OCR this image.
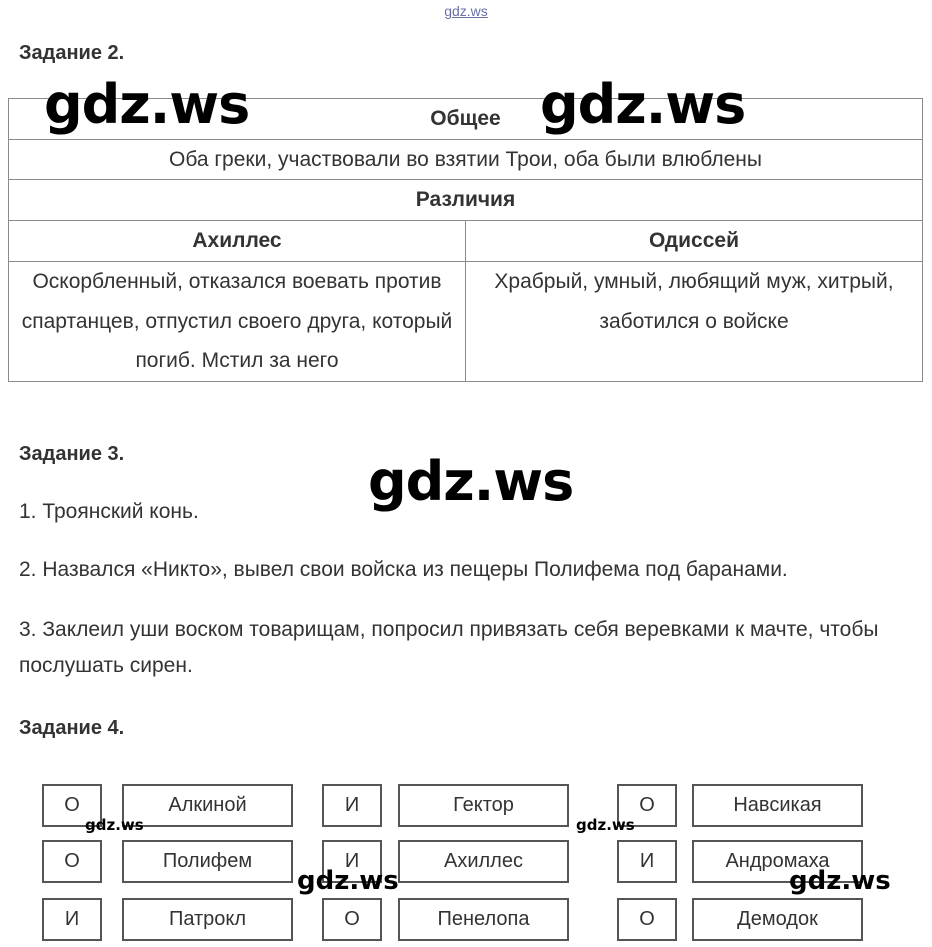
gdz.ws
Задание 2.
Общее	
Оба греки, участвовали во взятии Трои, оба были влюблены	
Различия	
Ахиллес	Одиссей
Оскорбленный, отказался воевать против спартанцев, отпустил своего друга, который погиб. Мстил за него	Храбрый, умный, любящий муж, хитрый, заботился о войске
Задание 3.
1. Троянский конь.
2. Назвался «Никто», вывел свои войска из пещеры Полифема под баранами.
3. Заклеил уши воском товарищам, попросил привязать себя веревками к мачте, чтобы послушать сирен.
Задание 4.
О	Алкиной	И	Гектор	О	Навсикая
О	Полифем	И	Ахиллес	И	Андромаха
И	Патрокл	О	Пенелопа	О	Демодок
gdz.ws	gdz.ws
gdz.ws
gdz.ws	gdz.ws
gdz.ws	gdz.ws
